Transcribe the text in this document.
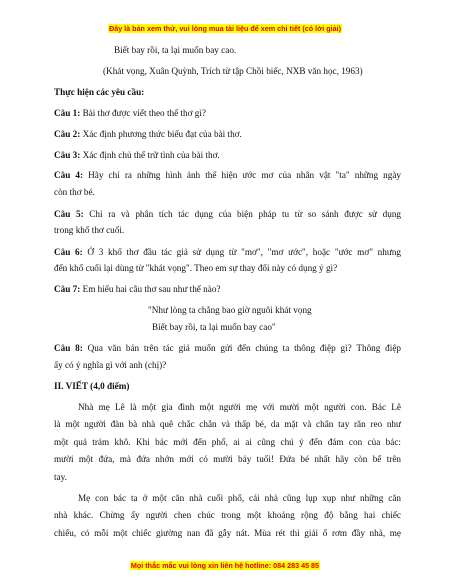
Đây là bản xem thử, vui lòng mua tài liệu để xem chi tiết (có lời giải)
Biết bay rồi, ta lại muốn bay cao.
(Khát vọng, Xuân Quỳnh, Trích từ tập Chồi biếc, NXB văn học, 1963)
Thực hiện các yêu cầu:
Câu 1: Bài thơ được viết theo thể thơ gì?
Câu 2: Xác định phương thức biểu đạt của bài thơ.
Câu 3: Xác định chủ thể trữ tình của bài thơ.
Câu 4: Hãy chỉ ra những hình ảnh thể hiện ước mơ của nhân vật "ta" những ngày
còn thơ bé.
Câu 5: Chỉ ra và phân tích tác dụng của biện pháp tu từ so sánh được sử dụng
trong khổ thơ cuối.
Câu 6: Ở 3 khổ thơ đầu tác giả sử dụng từ "mơ", "mơ ước", hoặc "ước mơ" nhưng
đến khổ cuối lại dùng từ "khát vọng". Theo em sự thay đổi này có dụng ý gì?
Câu 7: Em hiểu hai câu thơ sau như thế nào?
"Như lòng ta chẳng bao giờ nguôi khát vọng
Biết bay rồi, ta lại muốn bay cao"
Câu 8: Qua văn bản trên tác giả muốn gửi đến chúng ta thông điệp gì? Thông điệp
ấy có ý nghĩa gì với anh (chị)?
II. VIẾT (4,0 điểm)
Nhà mẹ Lê là một gia đình một người mẹ với mười một người con. Bác Lê
là một người đàn bà nhà quê chắc chắn và thấp bé, da mặt và chân tay răn reo như
một quả trám khô. Khi bác mới đến phố, ai ai cũng chú ý đến đám con của bác:
mười một đứa, mà đứa nhớn mới có mười bảy tuổi! Đứa bé nhất hãy còn bế trên
tay.
Mẹ con bác ta ở một căn nhà cuối phố, cái nhà cũng lụp xụp như những căn
nhà khác. Chừng ấy người chen chúc trong một khoảng rộng độ bằng hai chiếc
chiếu, có mỗi một chiếc giường nan đã gẫy nát. Mùa rét thì giải ổ rơm đầy nhà, mẹ
Mọi thắc mắc vui lòng xin liên hệ hotline: 084 283 45 85
